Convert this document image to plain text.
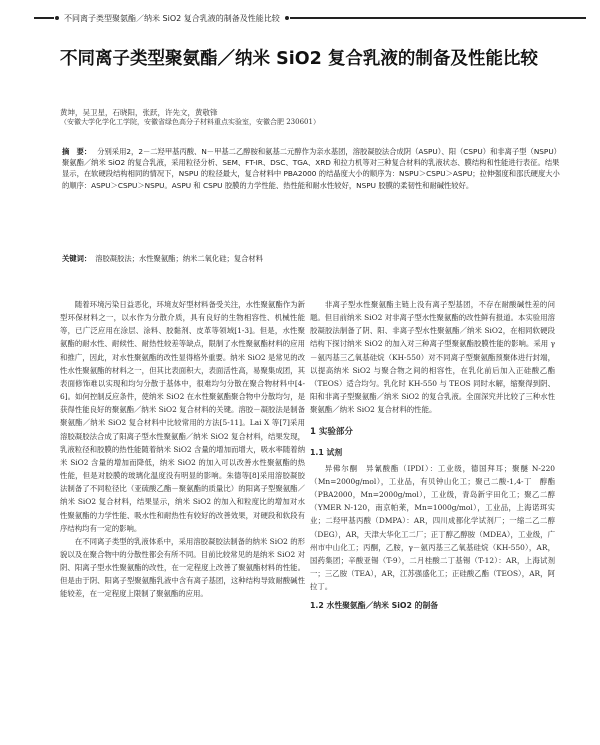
不同离子类型聚氨酯／纳米 SiO2 复合乳液的制备及性能比较
不同离子类型聚氨酯／纳米 SiO2 复合乳液的制备及性能比较
黄坤，吴卫星，石晓阳，张跃，许先文，黄敬锋
（安徽大学化学化工学院，安徽省绿色高分子材料重点实验室，安徽合肥 230601）
摘　要： 分别采用2，2－二羟甲基丙酸、N－甲基二乙醇胺和氨基二元醇作为亲水基团，溶胶凝胶法合成阴（ASPU）、阳（CSPU）和非离子型（NSPU）聚氨酯／纳米 SiO2 的复合乳液，采用粒径分析、SEM、FT-IR、DSC、TGA、XRD 和拉力机等对三种复合材料的乳液状态、膜结构和性能进行表征。结果显示，在软硬段结构相同的情况下，NSPU 的粒径最大，复合材料中 PBA2000 的结晶度大小的顺序为：NSPU＞CSPU＞ASPU；拉伸强度和邵氏硬度大小的顺序：ASPU＞CSPU＞NSPU。ASPU 和 CSPU 胶膜的力学性能、热性能和耐水性较好，NSPU 胶膜的柔韧性和耐碱性较好。
关键词： 溶胶凝胶法；水性聚氨酯；纳米二氧化硅；复合材料

随着环境污染日益恶化，环境友好型材料备受关注，水性聚氨酯作为新型环保材料之一，以水作为分散介质，具有良好的生物相容性、机械性能等，已广泛应用在涂层、涂料、胶黏剂、皮革等领域[1-3]。但是，水性聚氨酯的耐水性、耐候性、耐热性较差等缺点，限制了水性聚氨酯材料的应用和推广，因此，对水性聚氨酯的改性显得格外重要。纳米 SiO2 是常见的改性水性聚氨酯的材料之一，但其比表面积大，表面活性高，易聚集成团，其表面修饰难以实现和均匀分散于基体中，很难均匀分散在聚合物材料中[4-6]。如何控制反应条件，使纳米 SiO2 在水性聚氨酯聚合物中分散均匀，是获得性能良好的聚氨酯／纳米 SiO2 复合材料的关键。溶胶－凝胶法是制备聚氨酯／纳米 SiO2 复合材料中比较常用的方法[5-11]。Lai X 等[7]采用溶胶凝胶法合成了阳离子型水性聚氨酯／纳米 SiO2 复合材料，结果发现，乳液粒径和胶膜的热性能随着纳米 SiO2 含量的增加而增大，吸水率随着纳米 SiO2 含量的增加而降低，纳米 SiO2 的加入可以改善水性聚氨酯的热性能，但是对胶膜的玻璃化温度没有明显的影响。朱德等[8]采用溶胶凝胶法制备了不同粒径比（亚硫酸乙酯－聚氨酯的质量比）的阳离子型聚氨酯／纳米 SiO2 复合材料，结果显示，纳米 SiO2 的加入和粒度比的增加对水性聚氨酯的力学性能、吸水性和耐热性有较好的改善效果，对硬段和软段有序结构均有一定的影响。

在不同离子类型的乳液体系中，采用溶胶凝胶法制备的纳米 SiO2 的形貌以及在聚合物中的分散性都会有所不同。目前比较常见的是纳米 SiO2 对阴、阳离子型水性聚氨酯的改性，在一定程度上改善了聚氨酯材料的性能。但是由于阴、阳离子型聚氨酯乳液中含有离子基团，这种结构导致耐酸碱性能较差，在一定程度上限制了聚氨酯的应用。

非离子型水性聚氨酯主链上没有离子型基团，不存在耐酸碱性差的问题。但目前纳米 SiO2 对非离子型水性聚氨酯的改性鲜有报道。本实验用溶胶凝胶法制备了阴、阳、非离子型水性聚氨酯／纳米 SiO2，在相同软硬段结构下探讨纳米 SiO2 的加入对三种离子型聚氨酯胶膜性能的影响。采用 γ－氨丙基三乙氧基硅烷（KH-550）对不同离子型聚氨酯预聚体进行封端，以提高纳米 SiO2 与聚合物之间的相容性，在乳化前后加入正硅酸乙酯（TEOS）适合均匀。乳化时 KH-550 与 TEOS 同时水解，缩聚得到阴、阳和非离子型聚氨酯／纳米 SiO2 的复合乳液。全面深究并比较了三种水性聚氨酯／纳米 SiO2 复合材料的性能。

1 实验部分
1.1 试剂

异佛尔酮　异氰酸酯（IPDI）：工业级，德国拜耳；聚醚 N-220（Mn=2000g/mol），工业品，有贝钟山化工；聚己二酸-1,4-丁　醇酯（PBA2000，Mn=2000g/mol），工业级，青岛新宇田化工；聚乙二醇（YMER N-120，南京帕莱，Mn=1000g/mol），工业品，上海诺珥实业；二羟甲基丙酸（DMPA）：AR，四川成都化学试剂厂；一缩二乙二醇（DEG），AR，天津大华化工二厂；正丁醇乙醇胺（MDEA），工业级，广州市中山化工；丙酮，乙胺，γ－氨丙基三乙氧基硅烷（KH-550），AR，国药集团；辛酸亚锡（T-9），二月桂酸二丁基锡（T-12）：AR，上海试剂一；三乙胺（TEA），AR，江苏强盛化工；正硅酸乙酯（TEOS），AR，阿拉丁。

1.2 水性聚氨酯／纳米 SiO2 的制备
